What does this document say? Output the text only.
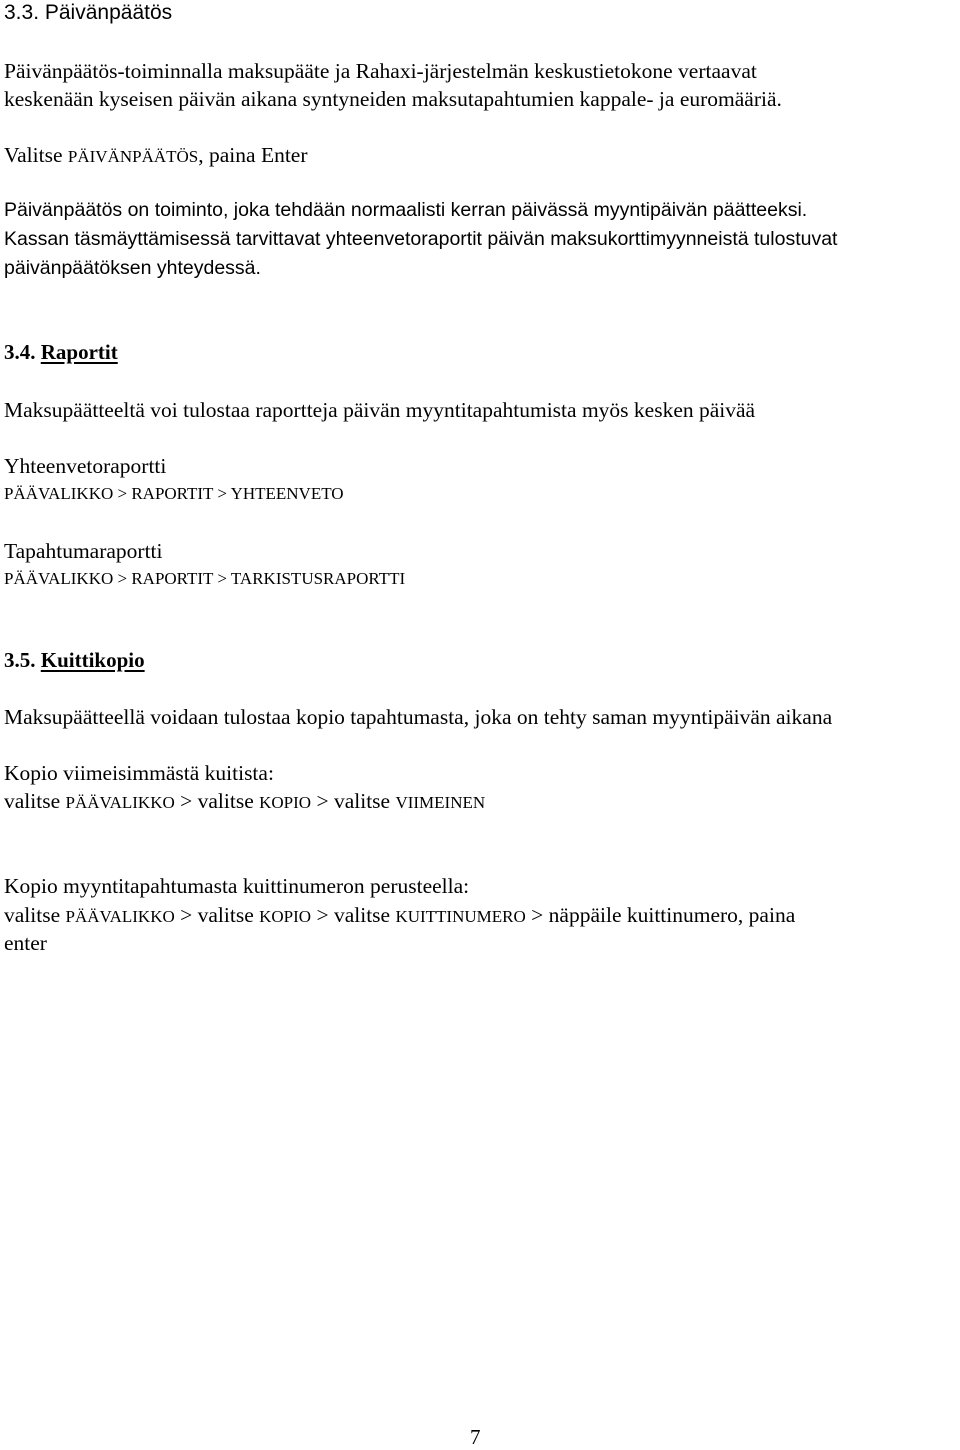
3.3. Päivänpäätös
Päivänpäätös-toiminnalla maksupääte ja Rahaxi-järjestelmän keskustietokone vertaavat
keskenään kyseisen päivän aikana syntyneiden maksutapahtumien kappale- ja euromääriä.
Valitse PÄIVÄNPÄÄTÖS, paina Enter
Päivänpäätös on toiminto, joka tehdään normaalisti kerran päivässä myyntipäivän päätteeksi.
Kassan täsmäyttämisessä tarvittavat yhteenvetoraportit päivän maksukorttimyynneistä tulostuvat
päivänpäätöksen yhteydessä.
3.4. Raportit
Maksupäätteeltä voi tulostaa raportteja päivän myyntitapahtumista myös kesken päivää
Yhteenvetoraportti
PÄÄVALIKKO > RAPORTIT > YHTEENVETO
Tapahtumaraportti
PÄÄVALIKKO > RAPORTIT > TARKISTUSRAPORTTI
3.5. Kuittikopio
Maksupäätteellä voidaan tulostaa kopio tapahtumasta, joka on tehty saman myyntipäivän aikana
Kopio viimeisimmästä kuitista:
valitse PÄÄVALIKKO > valitse KOPIO > valitse VIIMEINEN
Kopio myyntitapahtumasta kuittinumeron perusteella:
valitse PÄÄVALIKKO > valitse KOPIO > valitse KUITTINUMERO > näppäile kuittinumero, paina
enter
7
